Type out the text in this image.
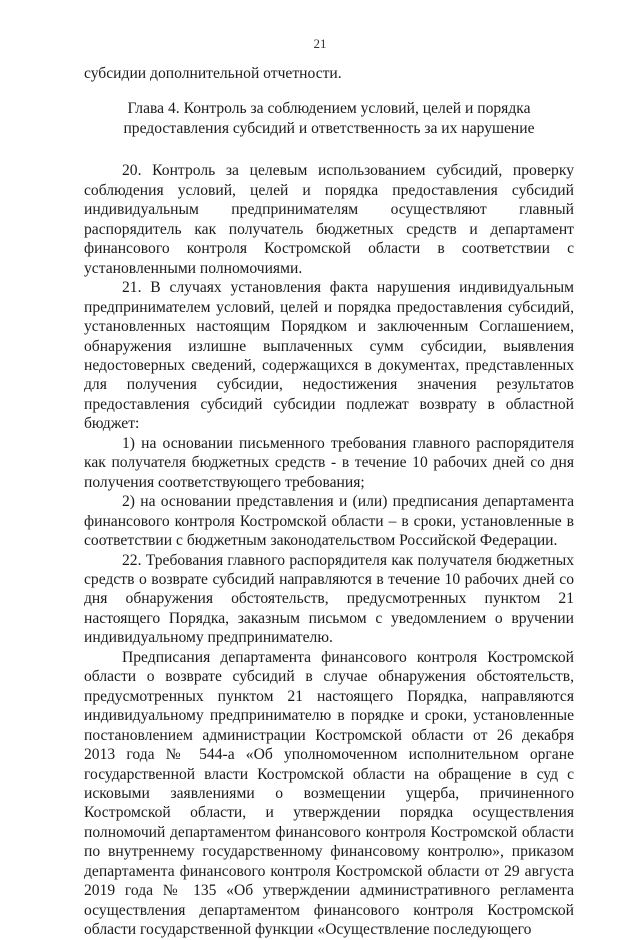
21

субсидии дополнительной отчетности.

Глава 4. Контроль за соблюдением условий, целей и порядка
предоставления субсидий и ответственность за их нарушение

20. Контроль за целевым использованием субсидий, проверку соблюдения условий, целей и порядка предоставления субсидий индивидуальным предпринимателям осуществляют главный распорядитель как получатель бюджетных средств и департамент финансового контроля Костромской области в соответствии с установленными полномочиями.

21. В случаях установления факта нарушения индивидуальным предпринимателем условий, целей и порядка предоставления субсидий, установленных настоящим Порядком и заключенным Соглашением, обнаружения излишне выплаченных сумм субсидии, выявления недостоверных сведений, содержащихся в документах, представленных для получения субсидии, недостижения значения результатов предоставления субсидий субсидии подлежат возврату в областной бюджет:

1) на основании письменного требования главного распорядителя как получателя бюджетных средств - в течение 10 рабочих дней со дня получения соответствующего требования;

2) на основании представления и (или) предписания департамента финансового контроля Костромской области – в сроки, установленные в соответствии с бюджетным законодательством Российской Федерации.

22. Требования главного распорядителя как получателя бюджетных средств о возврате субсидий направляются в течение 10 рабочих дней со дня обнаружения обстоятельств, предусмотренных пунктом 21 настоящего Порядка, заказным письмом с уведомлением о вручении индивидуальному предпринимателю.

Предписания департамента финансового контроля Костромской области о возврате субсидий в случае обнаружения обстоятельств, предусмотренных пунктом 21 настоящего Порядка, направляются индивидуальному предпринимателю в порядке и сроки, установленные постановлением администрации Костромской области от 26 декабря 2013 года № 544-а «Об уполномоченном исполнительном органе государственной власти Костромской области на обращение в суд с исковыми заявлениями о возмещении ущерба, причиненного Костромской области, и утверждении порядка осуществления полномочий департаментом финансового контроля Костромской области по внутреннему государственному финансовому контролю», приказом департамента финансового контроля Костромской области от 29 августа 2019 года № 135 «Об утверждении административного регламента осуществления департаментом финансового контроля Костромской области государственной функции «Осуществление последующего
